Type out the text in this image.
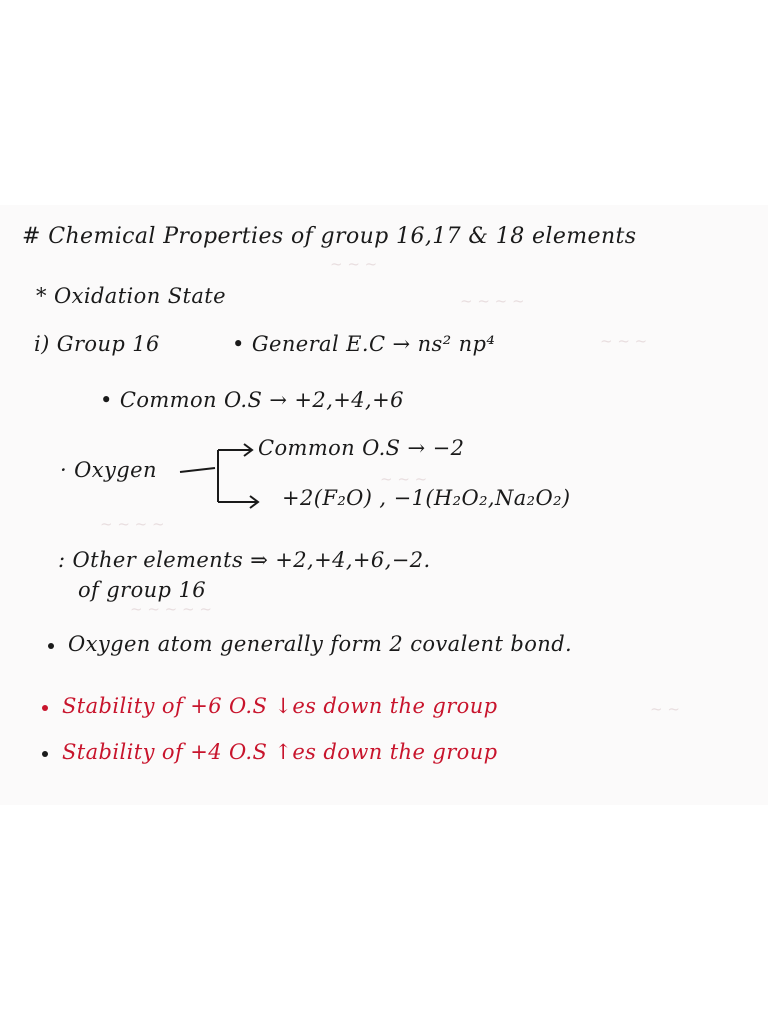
~ ~ ~
~ ~ ~ ~
~ ~ ~
~ ~ ~
~ ~ ~ ~
~ ~ ~ ~ ~
~ ~
# Chemical Properties of group 16,17 & 18 elements
* Oxidation State
i) Group 16	• General E.C → ns² np⁴
• Common O.S → +2,+4,+6
· Oxygen
Common O.S → −2
+2(F₂O) , −1(H₂O₂,Na₂O₂)
: Other elements ⇒ +2,+4,+6,−2.
of group 16
Oxygen atom generally form 2 covalent bond.
Stability of +6 O.S ↓es down the group
Stability of +4 O.S ↑es down the group
